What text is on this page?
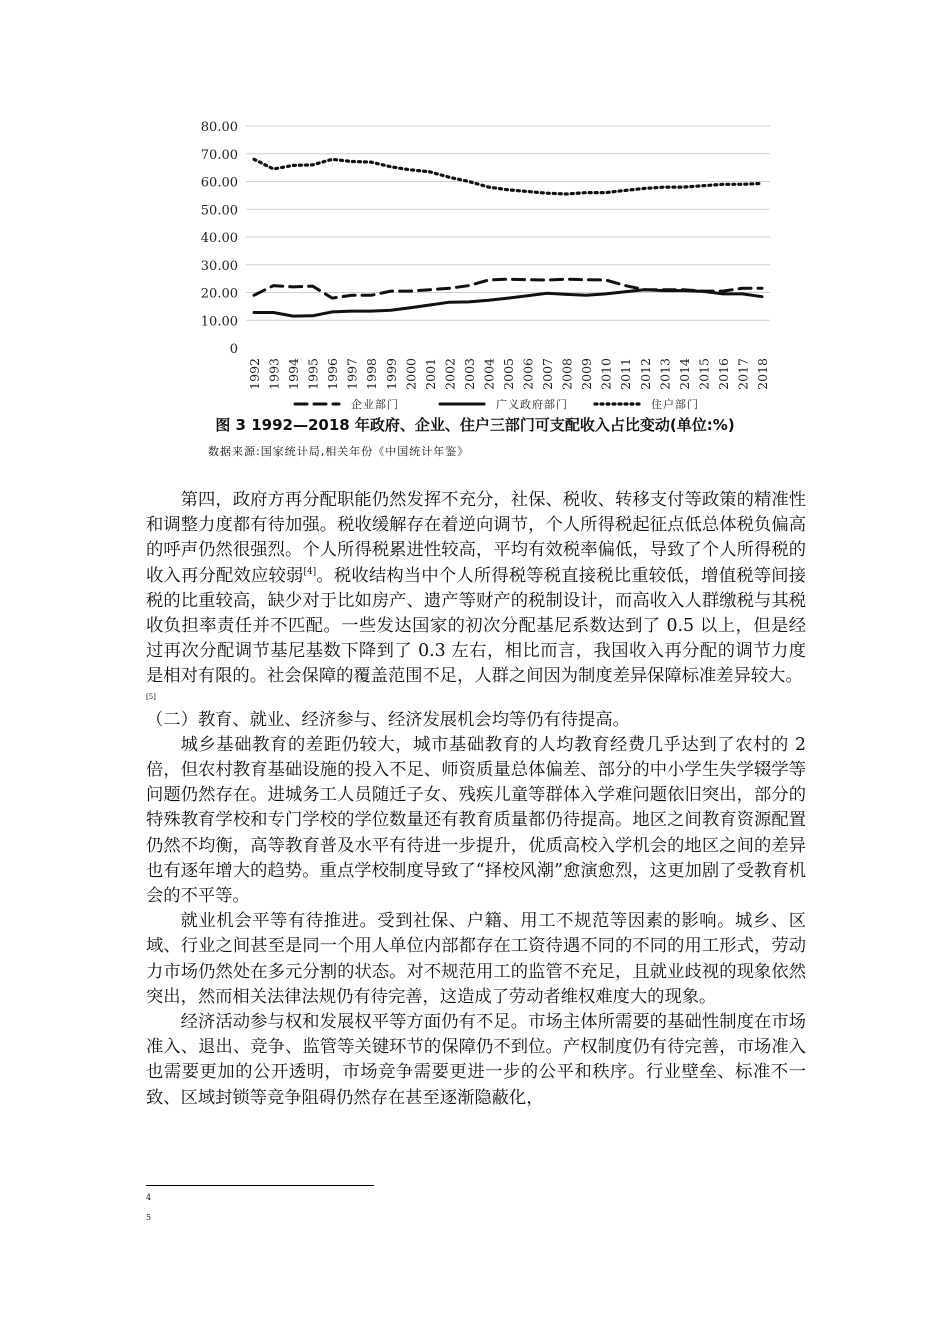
80.00
70.00
60.00
50.00
40.00
30.00
20.00
10.00
0
1992 1993 1994 1995 1996 1997 1998 1999 2000 2001 2002 2003 2004 2005 2006 2007 2008 2009 2010 2011 2012 2013 2014 2015 2016 2017 2018
企业部门	广义政府部门	住户部门
图 3 1992—2018 年政府、企业、住户三部门可支配收入占比变动(单位:%)
数据来源:国家统计局,相关年份《中国统计年鉴》

第四，政府方再分配职能仍然发挥不充分，社保、税收、转移支付等政策的精准性和调整力度都有待加强。税收缓解存在着逆向调节，个人所得税起征点低总体税负偏高的呼声仍然很强烈。个人所得税累进性较高，平均有效税率偏低，导致了个人所得税的收入再分配效应较弱[4]。税收结构当中个人所得税等税直接税比重较低，增值税等间接税的比重较高，缺少对于比如房产、遗产等财产的税制设计，而高收入人群缴税与其税收负担率责任并不匹配。一些发达国家的初次分配基尼系数达到了 0.5 以上，但是经过再次分配调节基尼基数下降到了 0.3 左右，相比而言，我国收入再分配的调节力度是相对有限的。社会保障的覆盖范围不足，人群之间因为制度差异保障标准差异较大。

[5]

（二）教育、就业、经济参与、经济发展机会均等仍有待提高。

城乡基础教育的差距仍较大，城市基础教育的人均教育经费几乎达到了农村的 2 倍，但农村教育基础设施的投入不足、师资质量总体偏差、部分的中小学生失学辍学等问题仍然存在。进城务工人员随迁子女、残疾儿童等群体入学难问题依旧突出，部分的特殊教育学校和专门学校的学位数量还有教育质量都仍待提高。地区之间教育资源配置仍然不均衡，高等教育普及水平有待进一步提升，优质高校入学机会的地区之间的差异也有逐年增大的趋势。重点学校制度导致了“择校风潮”愈演愈烈，这更加剧了受教育机会的不平等。

就业机会平等有待推进。受到社保、户籍、用工不规范等因素的影响。城乡、区域、行业之间甚至是同一个用人单位内部都存在工资待遇不同的不同的用工形式，劳动力市场仍然处在多元分割的状态。对不规范用工的监管不充足，且就业歧视的现象依然突出，然而相关法律法规仍有待完善，这造成了劳动者维权难度大的现象。

经济活动参与权和发展权平等方面仍有不足。市场主体所需要的基础性制度在市场准入、退出、竞争、监管等关键环节的保障仍不到位。产权制度仍有待完善，市场准入也需要更加的公开透明，市场竞争需要更进一步的公平和秩序。行业壁垒、标准不一致、区域封锁等竞争阻碍仍然存在甚至逐渐隐蔽化，

4
5
